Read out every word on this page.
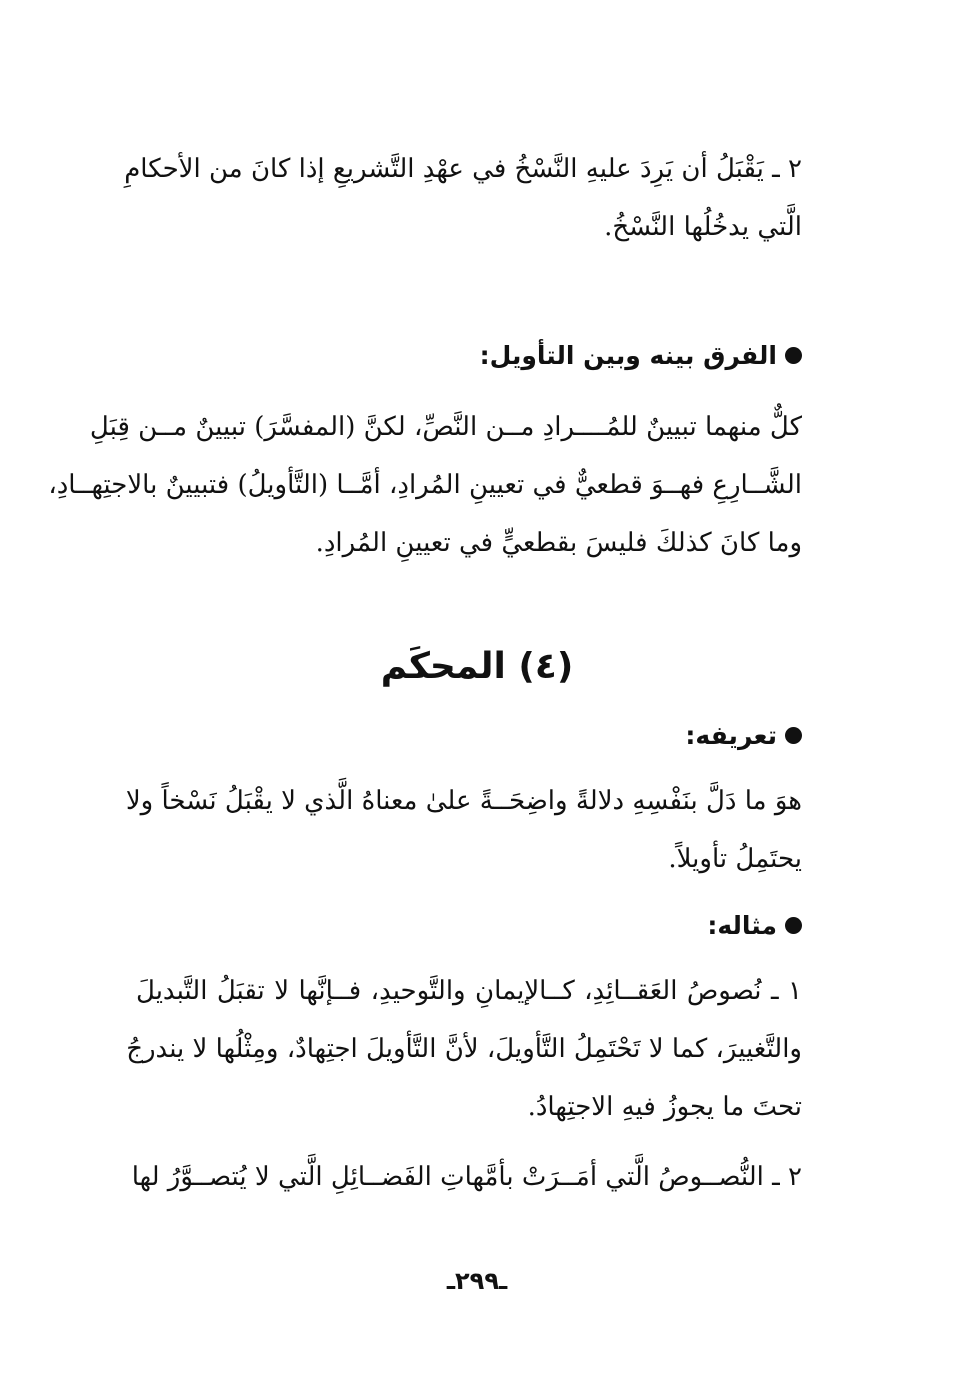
٢ ـ يَقْبَلُ أن يَرِدَ عليهِ النَّسْخُ في عهْدِ التَّشريعِ إذا كانَ من الأحكامِ
الَّتي يدخُلُها النَّسْخُ.
الفرق بينه وبين التأويل:
كلٌّ منهما تبيينٌ للمُــــرادِ مــن النَّصِّ، لكنَّ (المفسَّرَ) تبيينٌ مــن قِبَلِ
الشَّــارِعِ فهــوَ قطعيٌّ في تعيينِ المُرادِ، أمَّــا (التَّأويلُ) فتبيينٌ بالاجتِهــادِ،
وما كانَ كذلكَ فليسَ بقطعيٍّ في تعيينِ المُرادِ.
(٤) المحكَم
تعريفه:
هوَ ما دَلَّ بنَفْسِهِ دلالةً واضِحَــةً علىٰ معناهُ الَّذي لا يقْبَلُ نَسْخاً ولا
يحتَمِلُ تأويلاً.
مثاله:
١ ـ نُصوصُ العَقــائِدِ، كــالإيمانِ والتَّوحيدِ، فــإنَّها لا تقبَلُ التَّبديلَ
والتَّغييرَ، كما لا تَحْتَمِلُ التَّأويلَ، لأنَّ التَّأويلَ اجتِهادٌ، ومِثْلُها لا يندرجُ
تحتَ ما يجوزُ فيهِ الاجتِهادُ.
٢ ـ النُّصــوصُ الَّتي أمَــرَتْ بأمَّهاتِ الفَضــائِلِ الَّتي لا يُتصــوَّرُ لها
ـ٢٩٩ـ
